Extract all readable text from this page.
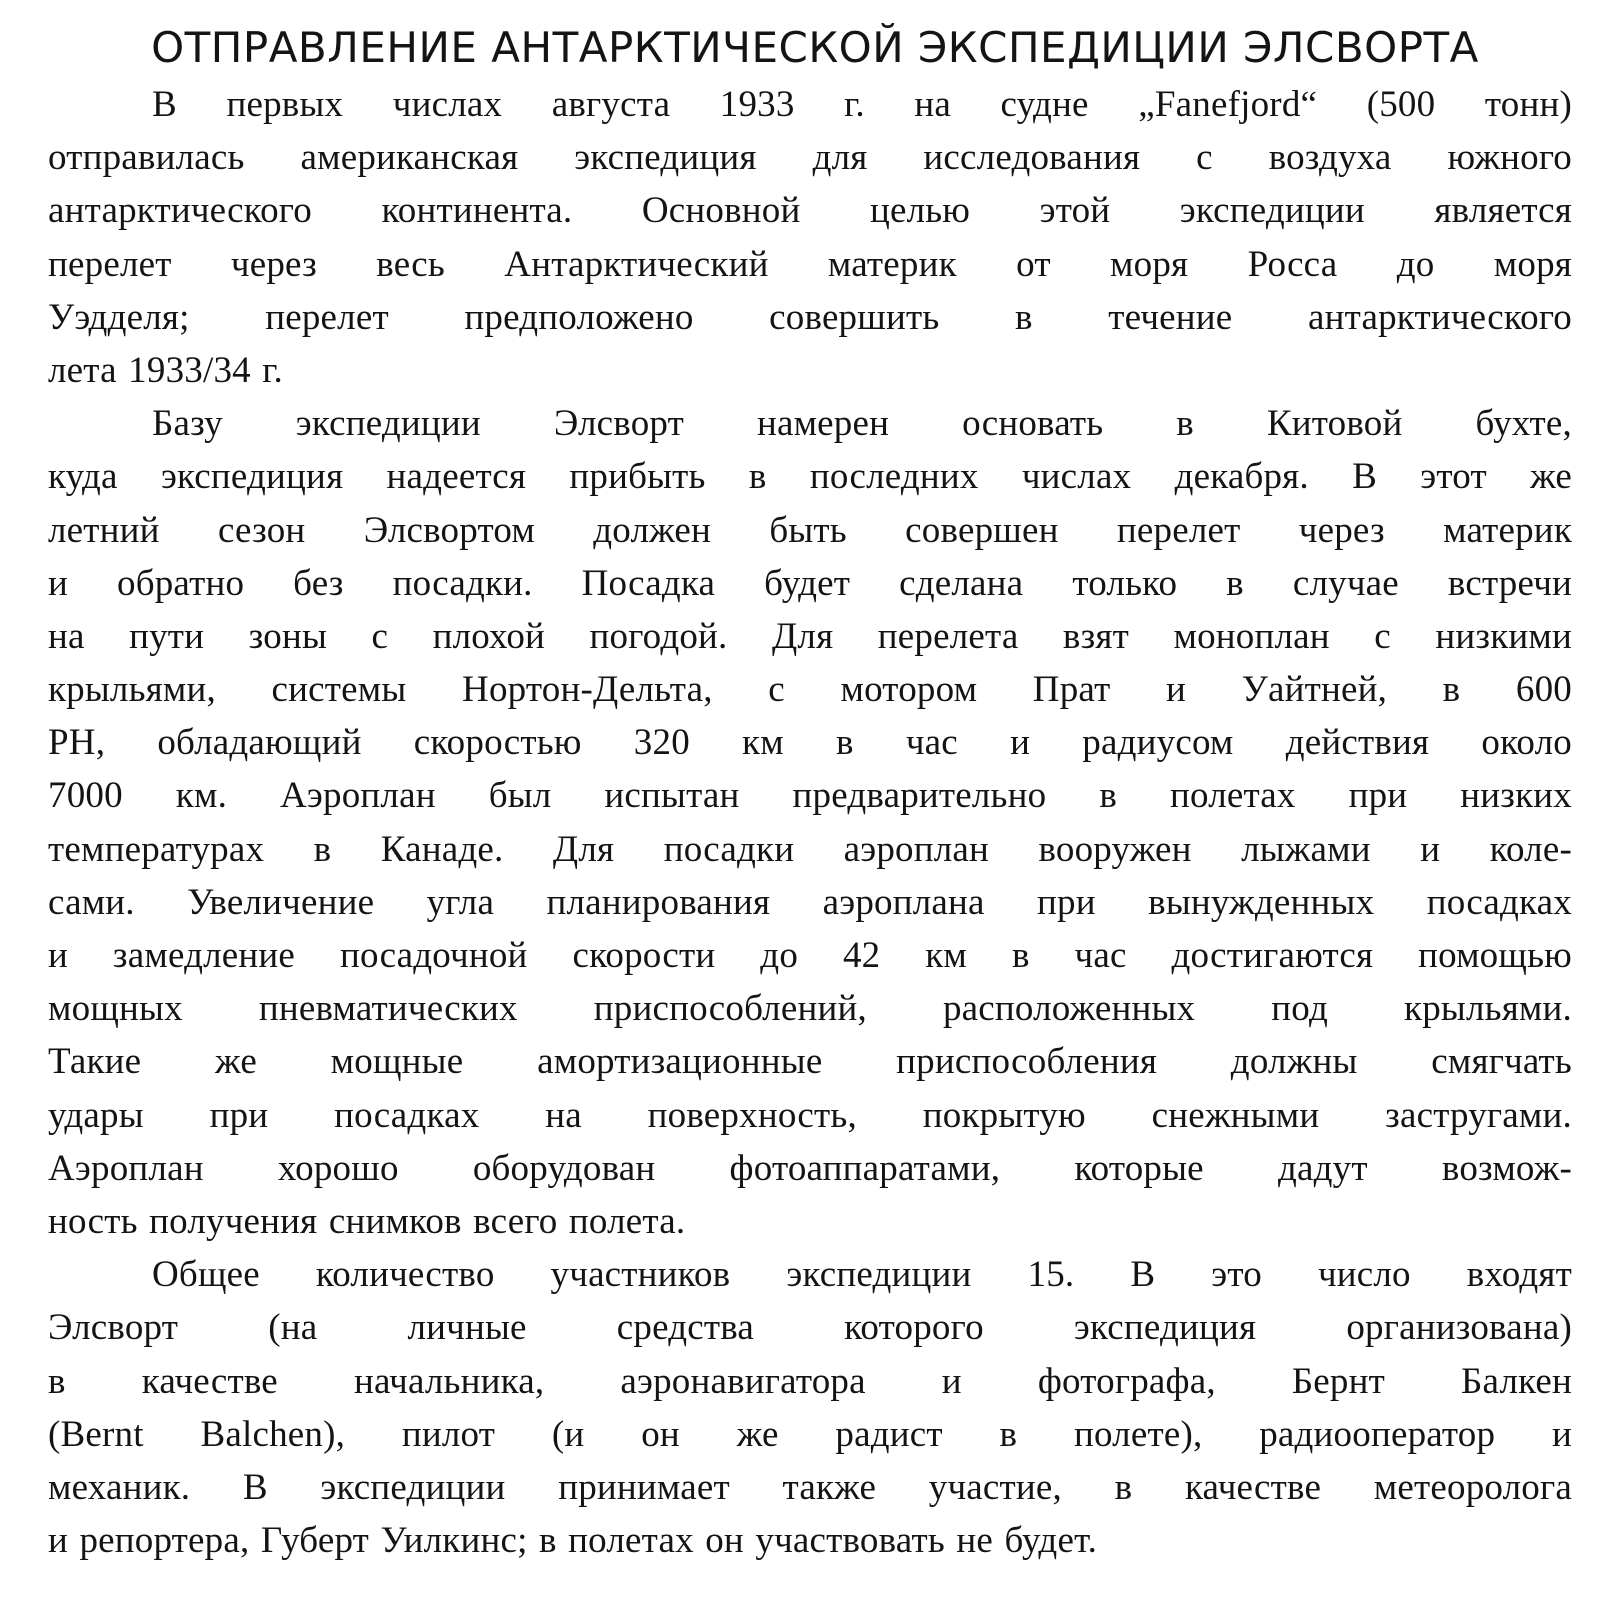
ОТПРАВЛЕНИЕ АНТАРКТИЧЕСКОЙ ЭКСПЕДИЦИИ ЭЛСВОРТА
В первых числах августа 1933 г. на судне „Fanefjord“ (500 тонн)
отправилась американская экспедиция для исследования с воздуха южного
антарктического континента. Основной целью этой экспедиции является
перелет через весь Антарктический материк от моря Росса до моря
Уэдделя; перелет предположено совершить в течение антарктического
лета 1933/34 г.
Базу экспедиции Элсворт намерен основать в Китовой бухте,
куда экспедиция надеется прибыть в последних числах декабря. В этот же
летний сезон Элсвортом должен быть совершен перелет через материк
и обратно без посадки. Посадка будет сделана только в случае встречи
на пути зоны с плохой погодой. Для перелета взят моноплан с низкими
крыльями, системы Нортон-Дельта, с мотором Прат и Уайтней, в 600
PH, обладающий скоростью 320 км в час и радиусом действия около
7000 км. Аэроплан был испытан предварительно в полетах при низких
температурах в Канаде. Для посадки аэроплан вооружен лыжами и коле-
сами. Увеличение угла планирования аэроплана при вынужденных посадках
и замедление посадочной скорости до 42 км в час достигаются помощью
мощных пневматических приспособлений, расположенных под крыльями.
Такие же мощные амортизационные приспособления должны смягчать
удары при посадках на поверхность, покрытую снежными застругами.
Аэроплан хорошо оборудован фотоаппаратами, которые дадут возмож-
ность получения снимков всего полета.
Общее количество участников экспедиции 15. В это число входят
Элсворт (на личные средства которого экспедиция организована)
в качестве начальника, аэронавигатора и фотографа, Бернт Балкен
(Bernt Balchen), пилот (и он же радист в полете), радиооператор и
механик. В экспедиции принимает также участие, в качестве метеоролога
и репортера, Губерт Уилкинс; в полетах он участвовать не будет.
